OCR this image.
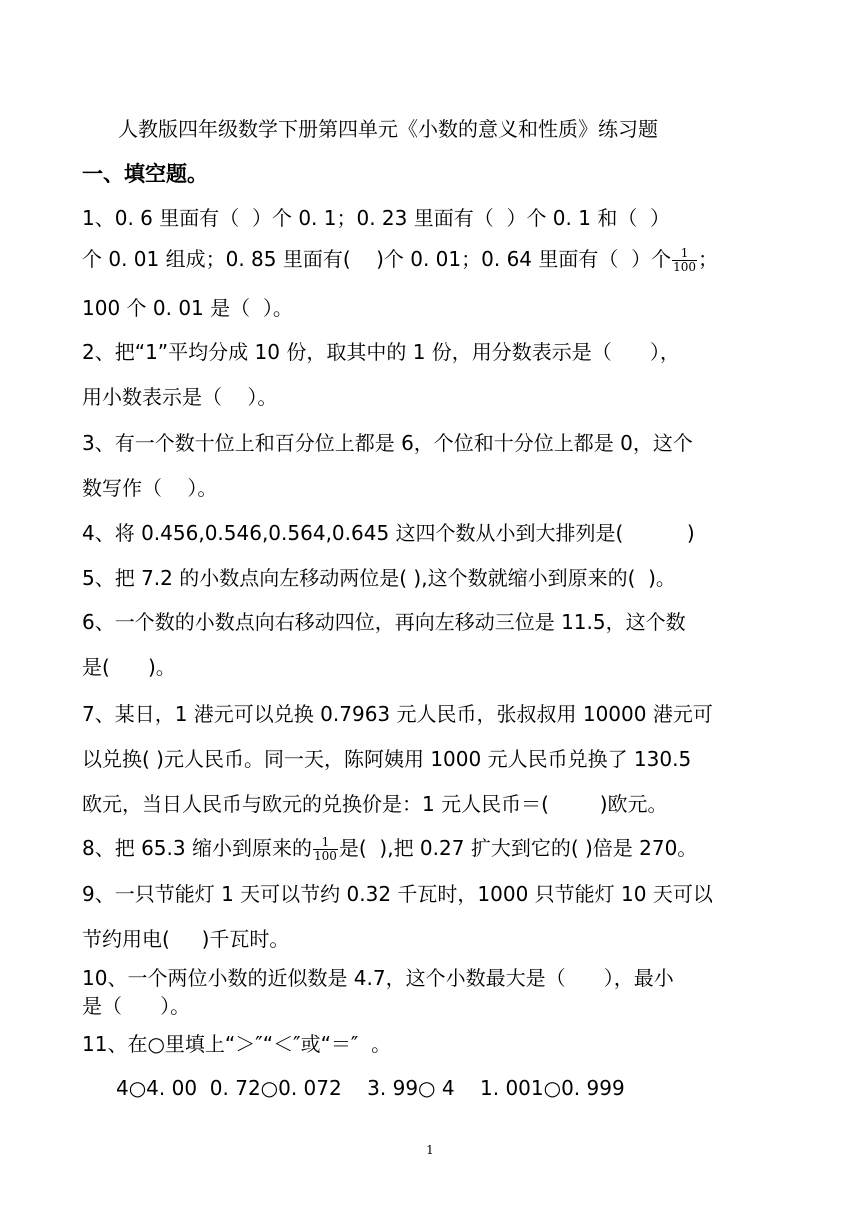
人教版四年级数学下册第四单元《小数的意义和性质》练习题
一、填空题。
1、0. 6 里面有（  ）个 0. 1；0. 23 里面有（  ）个 0. 1 和（  ）
个 0. 01 组成；0. 85 里面有(    )个 0. 01；0. 64 里面有（  ）个 $\frac{1}{100}$ ；
100 个 0. 01 是（  ）。
2、把“1”平均分成 10 份，取其中的 1 份，用分数表示是（      ），
用小数表示是（    ）。
3、有一个数十位上和百分位上都是 6，个位和十分位上都是 0，这个
数写作（    ）。
4、将 0.456,0.546,0.564,0.645 这四个数从小到大排列是(          )
5、把 7.2 的小数点向左移动两位是( ),这个数就缩小到原来的(  )。
6、一个数的小数点向右移动四位，再向左移动三位是 11.5，这个数
是(      )。
7、某日，1 港元可以兑换 0.7963 元人民币，张叔叔用 10000 港元可
以兑换( )元人民币。同一天，陈阿姨用 1000 元人民币兑换了 130.5
欧元，当日人民币与欧元的兑换价是：1 元人民币＝(        )欧元。
8、把 65.3 缩小到原来的 $\frac{1}{100}$ 是(  ),把 0.27 扩大到它的( )倍是 270。
9、一只节能灯 1 天可以节约 0.32 千瓦时，1000 只节能灯 10 天可以
节约用电(     )千瓦时。
10、一个两位小数的近似数是 4.7，这个小数最大是（      ），最小
是（      ）。
11、在○里填上“＞″“＜″或“＝″  。
4○4. 00  0. 72○0. 072    3. 99○ 4    1. 001○0. 999
1
